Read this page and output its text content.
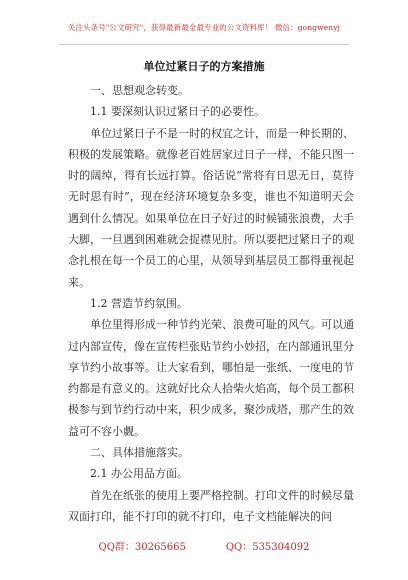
关注头条号"公文研究"，获得最新最全最专业的公文资料库！ 微信：gongwenyj
单位过紧日子的方案措施

一、思想观念转变。

1.1 要深刻认识过紧日子的必要性。

单位过紧日子不是一时的权宜之计，而是一种长期的、积极的发展策略。就像老百姓居家过日子一样，不能只图一时的阔绰，得有长远打算。俗话说“常将有日思无日，莫待无时思有时”，现在经济环境复杂多变，谁也不知道明天会遇到什么情况。如果单位在日子好过的时候铺张浪费，大手大脚，一旦遇到困难就会捉襟见肘。所以要把过紧日子的观念扎根在每一个员工的心里，从领导到基层员工都得重视起来。

1.2 营造节约氛围。

单位里得形成一种节约光荣、浪费可耻的风气。可以通过内部宣传，像在宣传栏张贴节约小妙招，在内部通讯里分享节约小故事等。让大家看到，哪怕是一张纸、一度电的节约都是有意义的。这就好比众人拾柴火焰高，每个员工都积极参与到节约行动中来，积少成多，聚沙成塔，那产生的效益可不容小觑。

二、具体措施落实。

2.1 办公用品方面。

首先在纸张的使用上要严格控制。打印文件的时候尽量双面打印，能不打印的就不打印，电子文档能解决的问

QQ群：30265665	QQ：535304092
